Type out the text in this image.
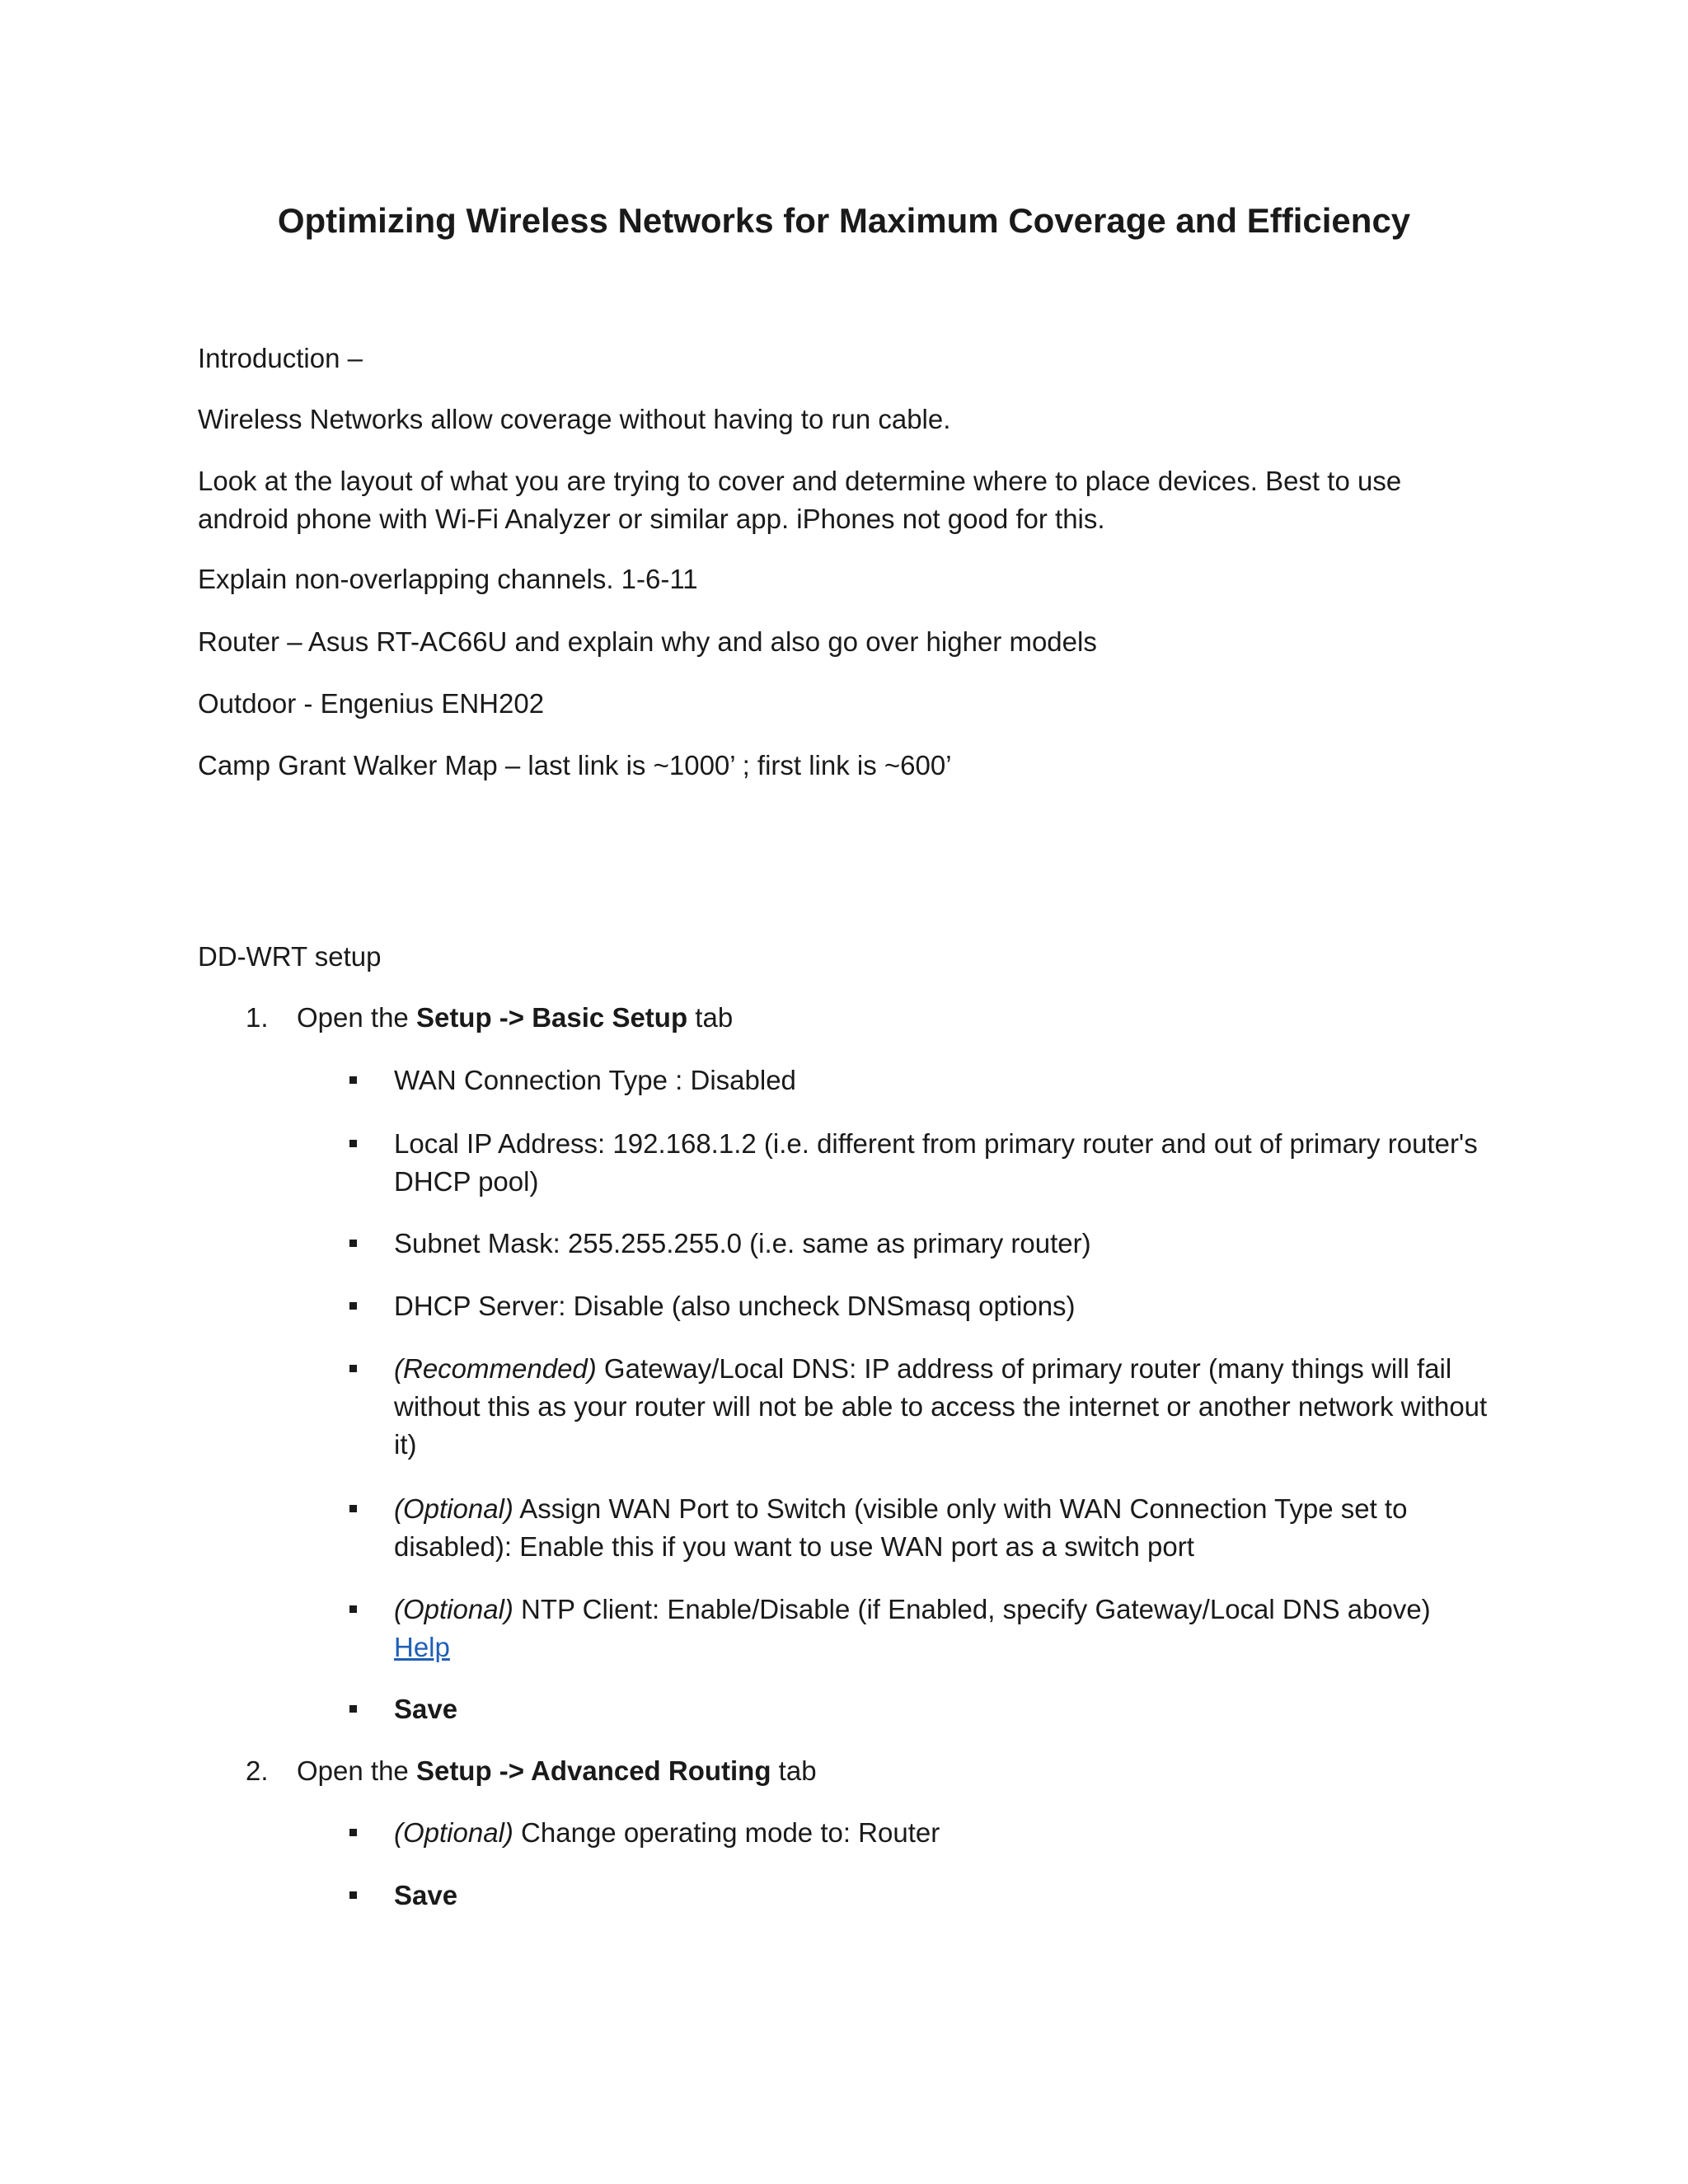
Optimizing Wireless Networks for Maximum Coverage and Efficiency

Introduction –

Wireless Networks allow coverage without having to run cable.

Look at the layout of what you are trying to cover and determine where to place devices. Best to use android phone with Wi-Fi Analyzer or similar app. iPhones not good for this.

Explain non-overlapping channels. 1-6-11

Router – Asus RT-AC66U and explain why and also go over higher models

Outdoor - Engenius ENH202

Camp Grant Walker Map – last link is ~1000’ ; first link is ~600’

DD-WRT setup

1.	Open the Setup -> Basic Setup tab
WAN Connection Type : Disabled
Local IP Address: 192.168.1.2 (i.e. different from primary router and out of primary router's DHCP pool)
Subnet Mask: 255.255.255.0 (i.e. same as primary router)
DHCP Server: Disable (also uncheck DNSmasq options)
(Recommended) Gateway/Local DNS: IP address of primary router (many things will fail without this as your router will not be able to access the internet or another network without it)
(Optional) Assign WAN Port to Switch (visible only with WAN Connection Type set to disabled): Enable this if you want to use WAN port as a switch port
(Optional) NTP Client: Enable/Disable (if Enabled, specify Gateway/Local DNS above)
Help
Save
2.	Open the Setup -> Advanced Routing tab
(Optional) Change operating mode to: Router
Save
